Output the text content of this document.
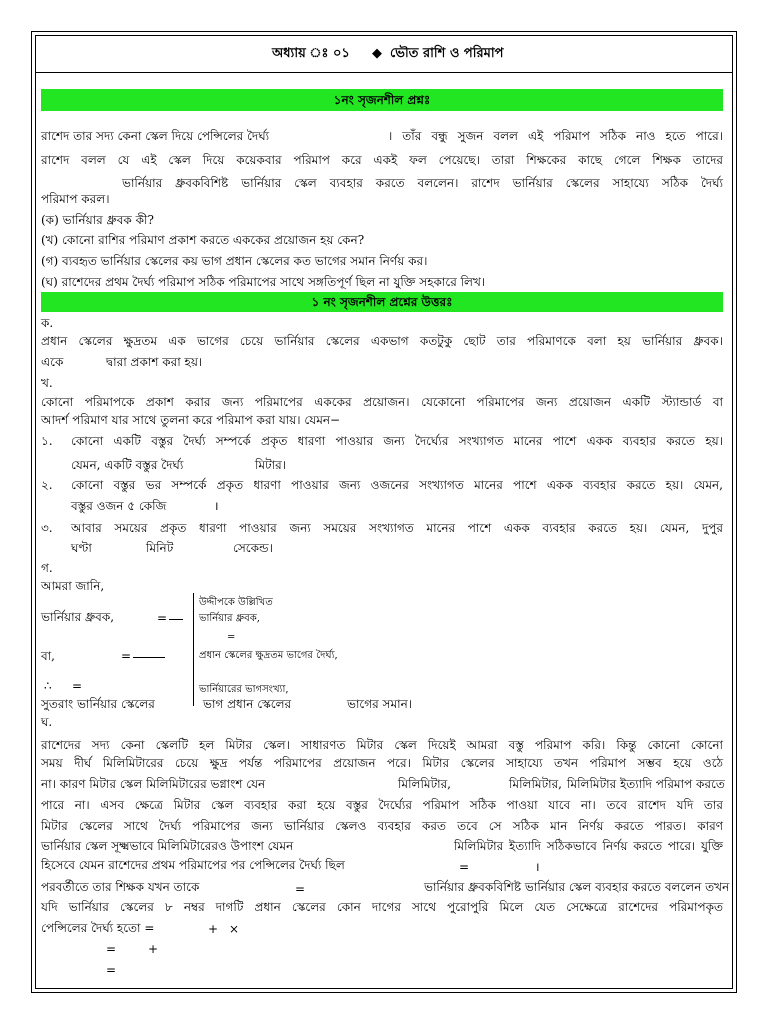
অধ্যায় ঃ ০১ ◆ ভৌত রাশি ও পরিমাপ
১নং সৃজনশীল প্রশ্নঃ
রাশেদ তার সদ্য কেনা স্কেল দিয়ে পেন্সিলের দৈর্ঘ্য	। তাঁর বন্ধু সুজন বলল এই পরিমাপ সঠিক নাও হতে পারে।
রাশেদ বলল যে এই স্কেল দিয়ে কয়েকবার পরিমাপ করে একই ফল পেয়েছে। তারা শিক্ষকের কাছে গেলে শিক্ষক তাদের
ভার্নিয়ার ধ্রুবকবিশিষ্ট ভার্নিয়ার স্কেল ব্যবহার করতে বললেন। রাশেদ ভার্নিয়ার স্কেলের সাহায্যে সঠিক দৈর্ঘ্য
পরিমাপ করল।
(ক) ভার্নিয়ার ধ্রুবক কী?
(খ) কোনো রাশির পরিমাণ প্রকাশ করতে এককের প্রয়োজন হয় কেন?
(গ) ব্যবহৃত ভার্নিয়ার স্কেলের কয় ভাগ প্রধান স্কেলের কত ভাগের সমান নির্ণয় কর।
(ঘ) রাশেদের প্রথম দৈর্ঘ্য পরিমাপ সঠিক পরিমাপের সাথে সঙ্গতিপূর্ণ ছিল না যুক্তি সহকারে লিখ।
১ নং সৃজনশীল প্রশ্নের উত্তরঃ
ক.
প্রধান স্কেলের ক্ষুদ্রতম এক ভাগের চেয়ে ভার্নিয়ার স্কেলের একভাগ কতটুকু ছোট তার পরিমাণকে বলা হয় ভার্নিয়ার ধ্রুবক।
একে	দ্বারা প্রকাশ করা হয়।
খ.
কোনো পরিমাপকে প্রকাশ করার জন্য পরিমাপের এককের প্রয়োজন। যেকোনো পরিমাপের জন্য প্রয়োজন একটি স্ট্যান্ডার্ড বা
আদর্শ পরিমাণ যার সাথে তুলনা করে পরিমাপ করা যায়। যেমন−
১. কোনো একটি বস্তুর দৈর্ঘ্য সম্পর্কে প্রকৃত ধারণা পাওয়ার জন্য দৈর্ঘ্যের সংখ্যাগত মানের পাশে একক ব্যবহার করতে হয়।
যেমন, একটি বস্তুর দৈর্ঘ্য	মিটার।
২. কোনো বস্তুর ভর সম্পর্কে প্রকৃত ধারণা পাওয়ার জন্য ওজনের সংখ্যাগত মানের পাশে একক ব্যবহার করতে হয়। যেমন,
বস্তুর ওজন ৫ কেজি	।
৩. আবার সময়ের প্রকৃত ধারণা পাওয়ার জন্য সময়ের সংখ্যাগত মানের পাশে একক ব্যবহার করতে হয়। যেমন, দুপুর
ঘণ্টা	মিনিট	সেকেন্ড।
গ.
আমরা জানি,
ভার্নিয়ার ধ্রুবক,	=
বা,	=
∴ =
উদ্দীপকে উল্লিখিত
ভার্নিয়ার ধ্রুবক,
=
প্রধান স্কেলের ক্ষুদ্রতম ভাগের দৈর্ঘ্য,
ভার্নিয়ারের ভাগসংখ্যা,
সুতরাং ভার্নিয়ার স্কেলের	ভাগ প্রধান স্কেলের	ভাগের সমান।
ঘ.
রাশেদের সদ্য কেনা স্কেলটি হল মিটার স্কেল। সাধারণত মিটার স্কেল দিয়েই আমরা বস্তু পরিমাপ করি। কিন্তু কোনো কোনো
সময় দীর্ঘ মিলিমিটারের চেয়ে ক্ষুদ্র পর্যন্ত পরিমাপের প্রয়োজন পরে। মিটার স্কেলের সাহায্যে তখন পরিমাপ সম্ভব হয়ে ওঠে
না। কারণ মিটার স্কেল মিলিমিটারের ভগ্নাংশ যেন	মিলিমিটার,	মিলিমিটার, মিলিমিটার ইত্যাদি পরিমাপ করতে
পারে না। এসব ক্ষেত্রে মিটার স্কেল ব্যবহার করা হয়ে বস্তুর দৈর্ঘ্যের পরিমাপ সঠিক পাওয়া যাবে না। তবে রাশেদ যদি তার
মিটার স্কেলের সাথে দৈর্ঘ্য পরিমাপের জন্য ভার্নিয়ার স্কেলও ব্যবহার করত তবে সে সঠিক মান নির্ণয় করতে পারত। কারণ
ভার্নিয়ার স্কেল সূক্ষ্মভাবে মিলিমিটারেরও উপাংশ যেমন	মিলিমিটার ইত্যাদি সঠিকভাবে নির্ণয় করতে পারে। যুক্তি
হিসেবে যেমন রাশেদের প্রথম পরিমাপের পর পেন্সিলের দৈর্ঘ্য ছিল	=	।
পরবর্তীতে তার শিক্ষক যখন তাকে	=	ভার্নিয়ার ধ্রুবকবিশিষ্ট ভার্নিয়ার স্কেল ব্যবহার করতে বললেন তখন
যদি ভার্নিয়ার স্কেলের ৮ নম্বর দাগটি প্রধান স্কেলের কোন দাগের সাথে পুরোপুরি মিলে যেত সেক্ষেত্রে রাশেদের পরিমাপকৃত
পেন্সিলের দৈর্ঘ্য হতো =	+ ×
=	+
=
